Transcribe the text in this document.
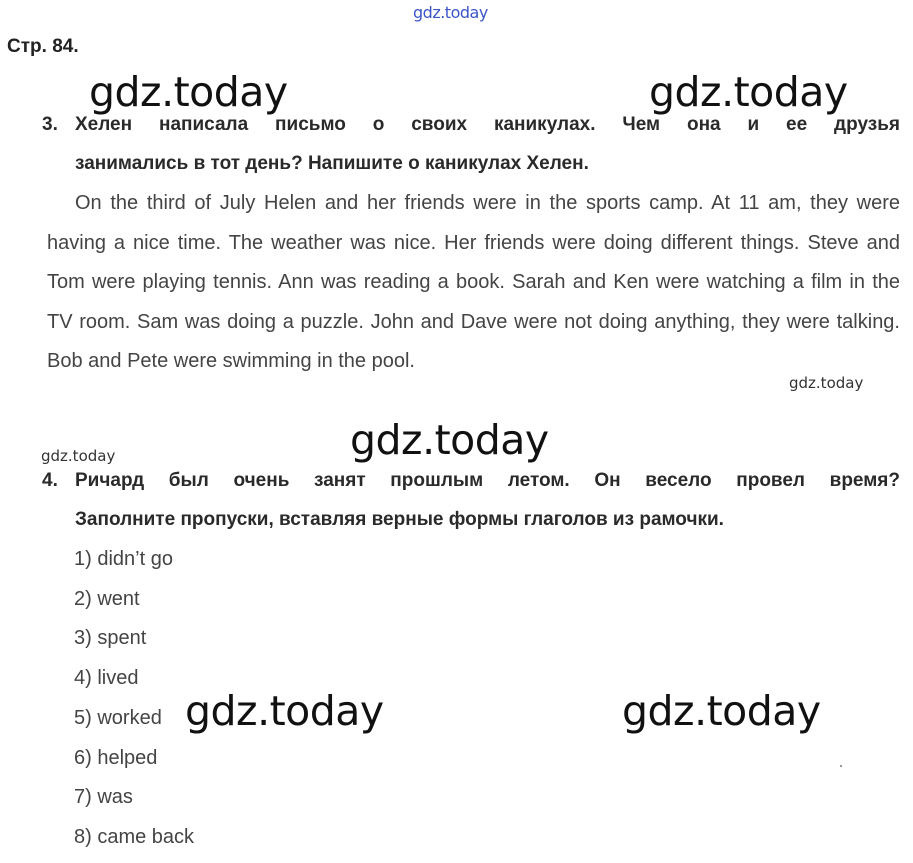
gdz.today
Стр. 84.
gdz.today	gdz.today
3. Хелен написала письмо о своих каникулах. Чем она и ее друзья
занимались в тот день? Напишите о каникулах Хелен.
On the third of July Helen and her friends were in the sports camp. At 11 am, they were having a nice time. The weather was nice. Her friends were doing different things. Steve and Tom were playing tennis. Ann was reading a book. Sarah and Ken were watching a film in the TV room. Sam was doing a puzzle. John and Dave were not doing anything, they were talking. Bob and Pete were swimming in the pool.
gdz.today
gdz.today	gdz.today
4. Ричард был очень занят прошлым летом. Он весело провел время?
Заполните пропуски, вставляя верные формы глаголов из рамочки.
1) didn’t go
2) went
3) spent
4) lived
5) worked
6) helped
7) was
8) came back
gdz.today	gdz.today
